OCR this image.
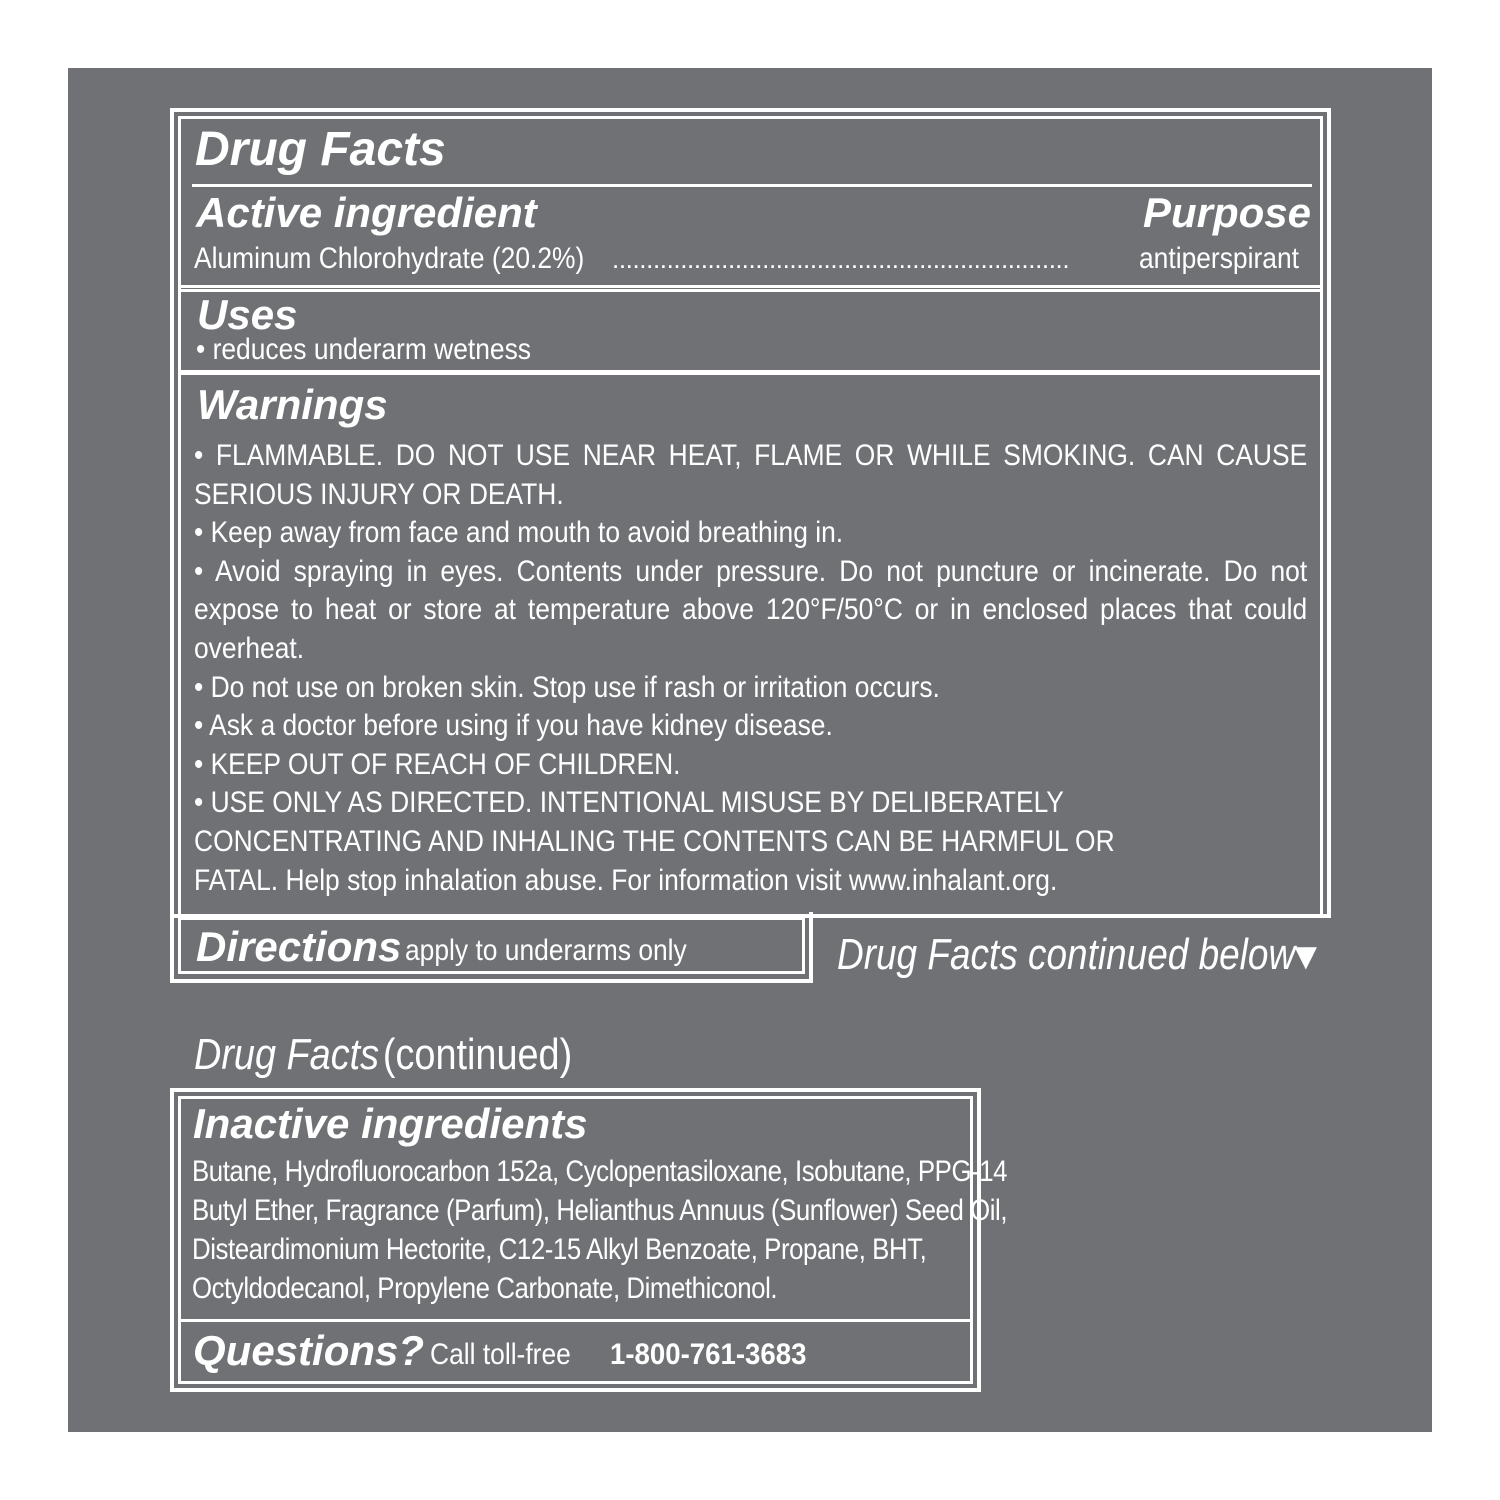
Drug Facts
Active ingredient	Purpose
Aluminum Chlorohydrate (20.2%) ...................................................................	antiperspirant
Uses
• reduces underarm wetness
Warnings
• FLAMMABLE. DO NOT USE NEAR HEAT, FLAME OR WHILE SMOKING. CAN CAUSE SERIOUS INJURY OR DEATH.
• Keep away from face and mouth to avoid breathing in.
• Avoid spraying in eyes. Contents under pressure. Do not puncture or incinerate. Do not expose to heat or store at temperature above 120°F/50°C or in enclosed places that could overheat.
• Do not use on broken skin. Stop use if rash or irritation occurs.
• Ask a doctor before using if you have kidney disease.
• KEEP OUT OF REACH OF CHILDREN.
• USE ONLY AS DIRECTED. INTENTIONAL MISUSE BY DELIBERATELY CONCENTRATING AND INHALING THE CONTENTS CAN BE HARMFUL OR FATAL. Help stop inhalation abuse. For information visit www.inhalant.org.
Directions apply to underarms only	Drug Facts continued below
▼
Drug Facts (continued)
Inactive ingredients
Butane, Hydrofluorocarbon 152a, Cyclopentasiloxane, Isobutane, PPG-14
Butyl Ether, Fragrance (Parfum), Helianthus Annuus (Sunflower) Seed Oil,
Disteardimonium Hectorite, C12-15 Alkyl Benzoate, Propane, BHT,
Octyldodecanol, Propylene Carbonate, Dimethiconol.
Questions? Call toll-free 1-800-761-3683
